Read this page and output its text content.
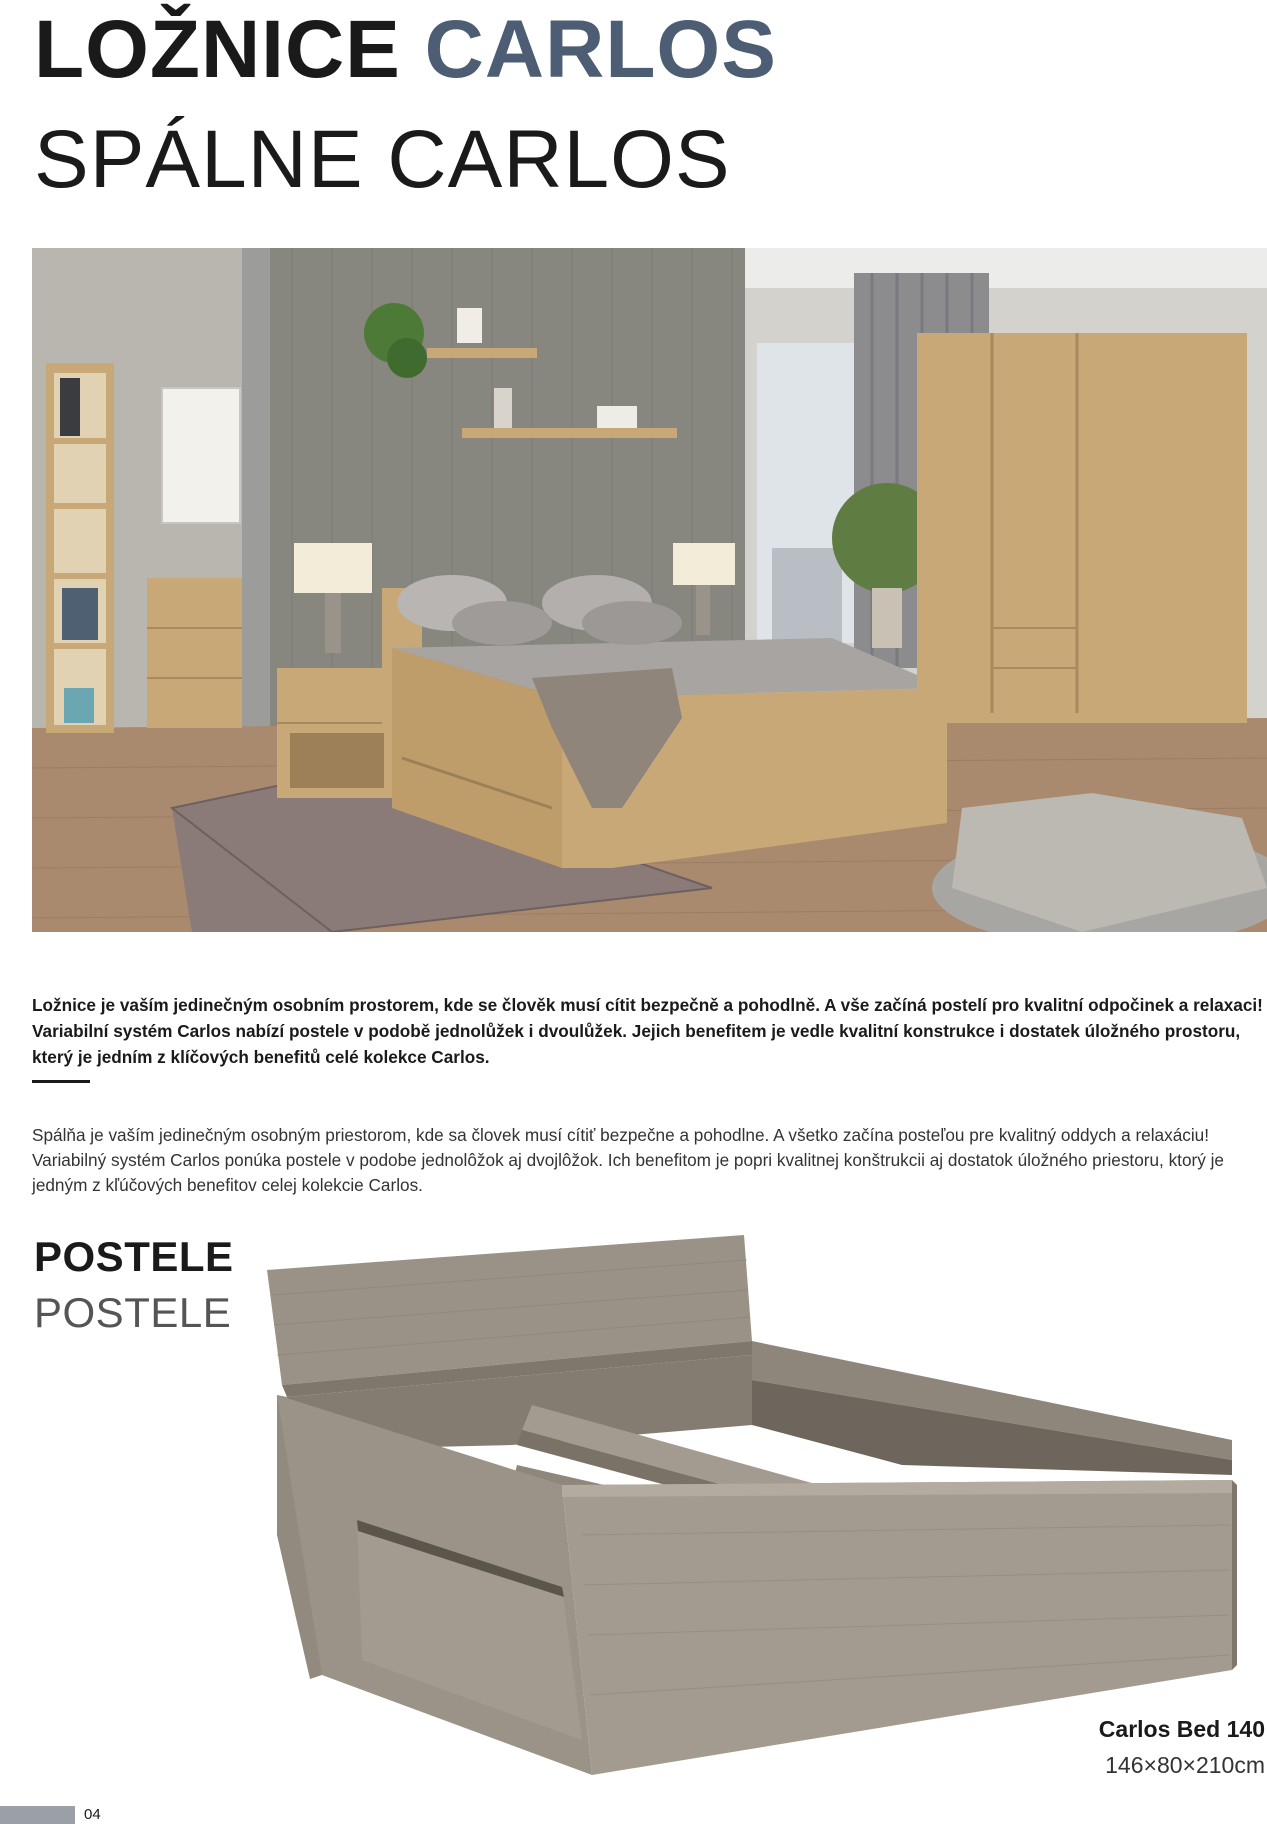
LOŽNICE CARLOS
SPÁLNE CARLOS

Ložnice je vaším jedinečným osobním prostorem, kde se člověk musí cítit bezpečně a pohodlně. A vše začíná postelí pro kvalitní odpočinek a relaxaci! Variabilní systém Carlos nabízí postele v podobě jednolůžek i dvoulůžek. Jejich benefitem je vedle kvalitní konstrukce i dostatek úložného prostoru, který je jedním z klíčových benefitů celé kolekce Carlos.

Spálňa je vaším jedinečným osobným priestorom, kde sa človek musí cítiť bezpečne a pohodlne. A všetko začína posteľou pre kvalitný oddych a relaxáciu! Variabilný systém Carlos ponúka postele v podobe jednolôžok aj dvojlôžok. Ich benefitom je popri kvalitnej konštrukcii aj dostatok úložného priestoru, ktorý je jedným z kľúčových benefitov celej kolekcie Carlos.

POSTELE
POSTELE
Carlos Bed 140
146×80×210cm
04
